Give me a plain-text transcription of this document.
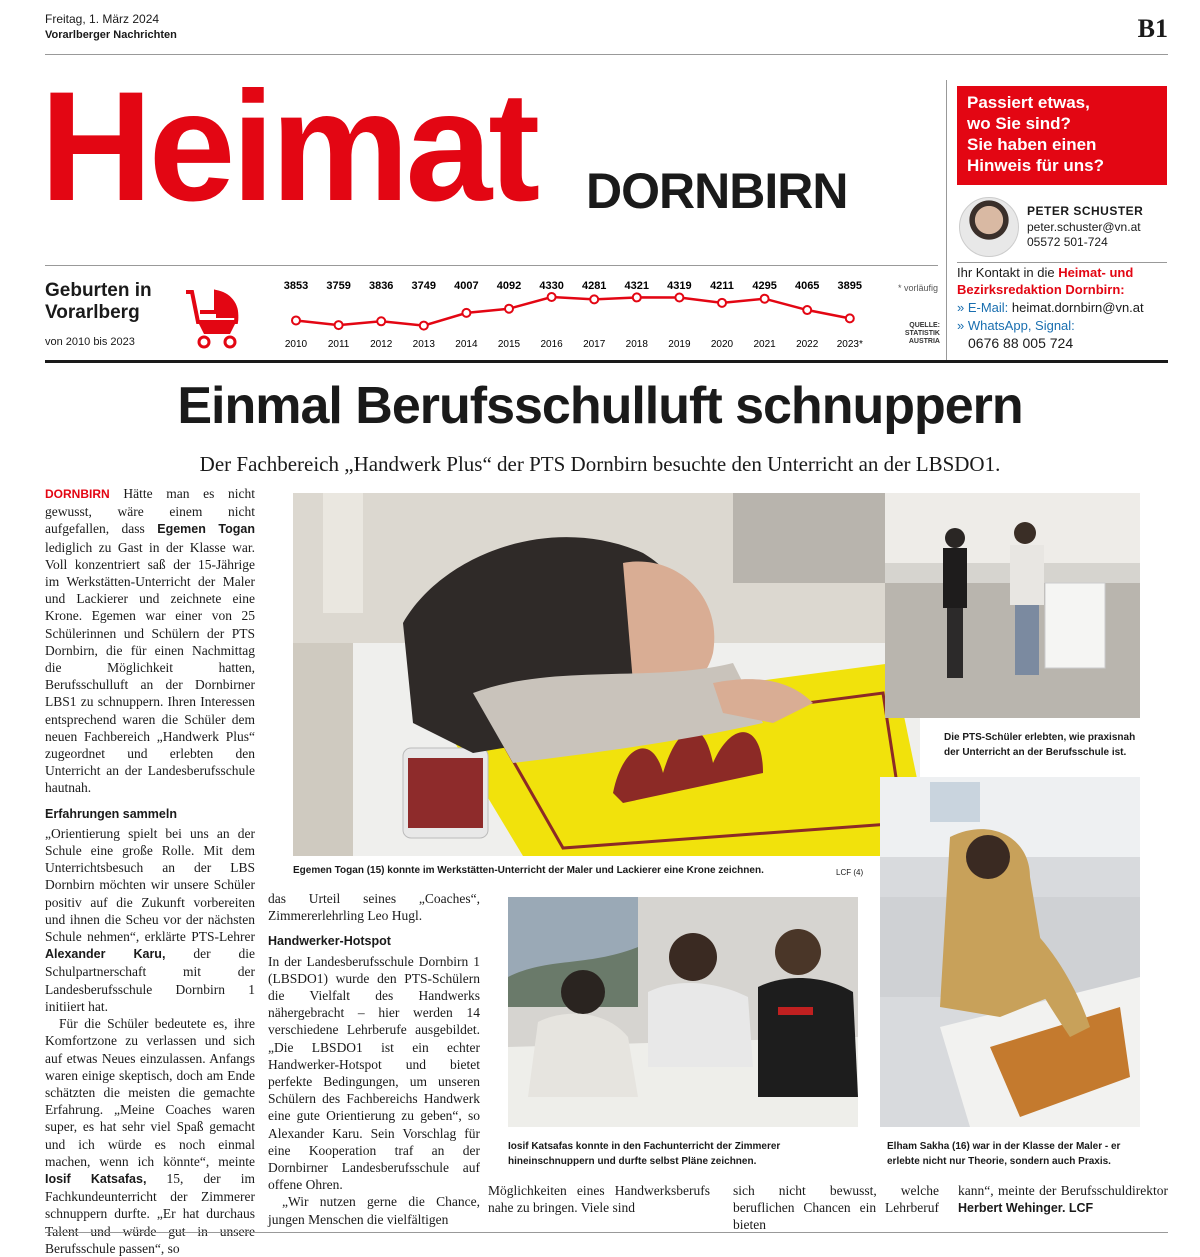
Freitag, 1. März 2024
Vorarlberger Nachrichten	B1
Heimat DORNBIRN
Passiert etwas,
wo Sie sind?
Sie haben einen
Hinweis für uns?
PETER SCHUSTER
peter.schuster@vn.at
05572 501-724
Ihr Kontakt in die Heimat- und Bezirksredaktion Dornbirn:
» E-Mail: heimat.dornbirn@vn.at
» WhatsApp, Signal:
0676 88 005 724
Geburten in Vorarlberg
von 2010 bis 2023
3853
2010
3759
2011
3836
2012
3749
2013
4007
2014
4092
2015
4330
2016
4281
2017
4321
2018
4319
2019
4211
2020
4295
2021
4065
2022
3895
2023*
* vorläufig
QUELLE: STATISTIK AUSTRIA
Einmal Berufsschulluft schnuppern
Der Fachbereich „Handwerk Plus“ der PTS Dornbirn besuchte den Unterricht an der LBSDO1.

DORNBIRN Hätte man es nicht gewusst, wäre einem nicht aufgefallen, dass Egemen Togan lediglich zu Gast in der Klasse war. Voll konzentriert saß der 15-Jährige im Werkstätten-Unterricht der Maler und Lackierer und zeichnete eine Krone. Egemen war einer von 25 Schülerinnen und Schülern der PTS Dornbirn, die für einen Nachmittag die Möglichkeit hatten, Berufsschulluft an der Dornbirner LBS1 zu schnuppern. Ihren Interessen entsprechend waren die Schüler dem neuen Fachbereich „Handwerk Plus“ zugeordnet und erlebten den Unterricht an der Landesberufsschule hautnah.

Erfahrungen sammeln

„Orientierung spielt bei uns an der Schule eine große Rolle. Mit dem Unterrichtsbesuch an der LBS Dornbirn möchten wir unsere Schüler positiv auf die Zukunft vorbereiten und ihnen die Scheu vor der nächsten Schule nehmen“, erklärte PTS-Lehrer Alexander Karu, der die Schulpartnerschaft mit der Landesberufsschule Dornbirn 1 initiiert hat.

Für die Schüler bedeutete es, ihre Komfortzone zu verlassen und sich auf etwas Neues einzulassen. Anfangs waren einige skeptisch, doch am Ende schätzten die meisten die gemachte Erfahrung. „Meine Coaches waren super, es hat sehr viel Spaß gemacht und ich würde es noch einmal machen, wenn ich könnte“, meinte Iosif Katsafas, 15, der im Fachkundeunterricht der Zimmerer schnuppern durfte. „Er hat durchaus Berufsschule passen“, so

das Urteil seines „Coaches“, Zimmererlehrling Leo Hugl.

Handwerker-Hotspot

In der Landesberufsschule Dornbirn 1 (LBSDO1) wurde den PTS-Schülern die Vielfalt des Handwerks nähergebracht – hier werden 14 verschiedene Lehrberufe ausgebildet. „Die LBSDO1 ist ein echter Handwerker-Hotspot und bietet perfekte Bedingungen, um unseren Schülern des Fachbereichs Handwerk eine gute Orientierung zu geben“, so Alexander Karu. Sein Vorschlag für eine Kooperation traf an der Dornbirner Landesberufsschule auf offene Ohren.

„Wir nutzen gerne die Chance, jungen Menschen die vielfältigen

Möglichkeiten eines Handwerksberufs nahe zu bringen. Viele sind

sich nicht bewusst, welche beruflichen Chancen ein Lehrberuf bieten

kann“, meinte der Berufsschuldirektor Herbert Wehinger. LCF

Egemen Togan (15) konnte im Werkstätten-Unterricht der Maler und Lackierer eine Krone zeichnen.	LCF (4)
Die PTS-Schüler erlebten, wie praxisnah der Unterricht an der Berufsschule ist.
Elham Sakha (16) war in der Klasse der Maler - er erlebte nicht nur Theorie, sondern auch Praxis.
Iosif Katsafas konnte in den Fachunterricht der Zimmerer hineinschnuppern und durfte selbst Pläne zeichnen.
